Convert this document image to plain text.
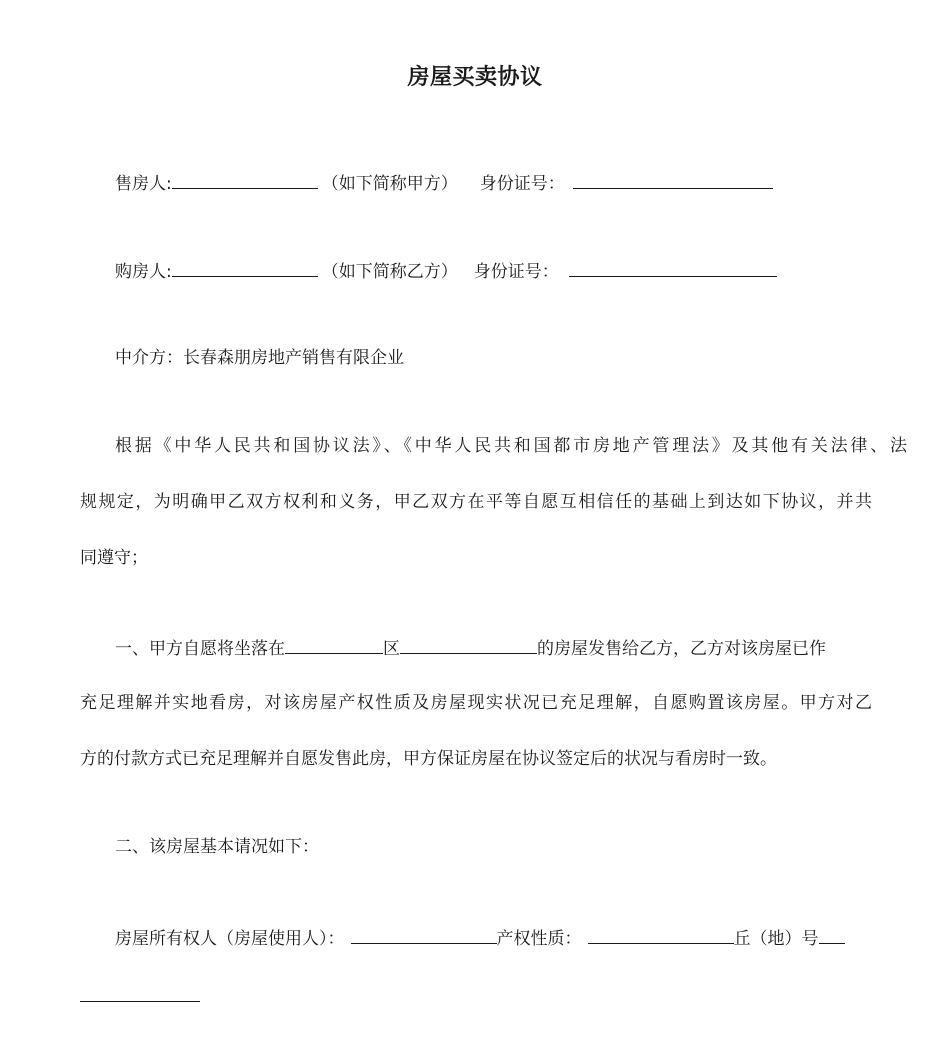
房屋买卖协议
售房人:	（如下简称甲方） 身份证号：
购房人:	（如下简称乙方） 身份证号：
中介方：长春森朋房地产销售有限企业
根据《中华人民共和国协议法》、《中华人民共和国都市房地产管理法》及其他有关法律、法
规规定，为明确甲乙双方权利和义务，甲乙双方在平等自愿互相信任的基础上到达如下协议，并共
同遵守；
一、甲方自愿将坐落在	区	的房屋发售给乙方，乙方对该房屋已作
充足理解并实地看房，对该房屋产权性质及房屋现实状况已充足理解，自愿购置该房屋。甲方对乙
方的付款方式已充足理解并自愿发售此房，甲方保证房屋在协议签定后的状况与看房时一致。
二、该房屋基本请况如下：
房屋所有权人（房屋使用人）：	产权性质：	丘（地）号
